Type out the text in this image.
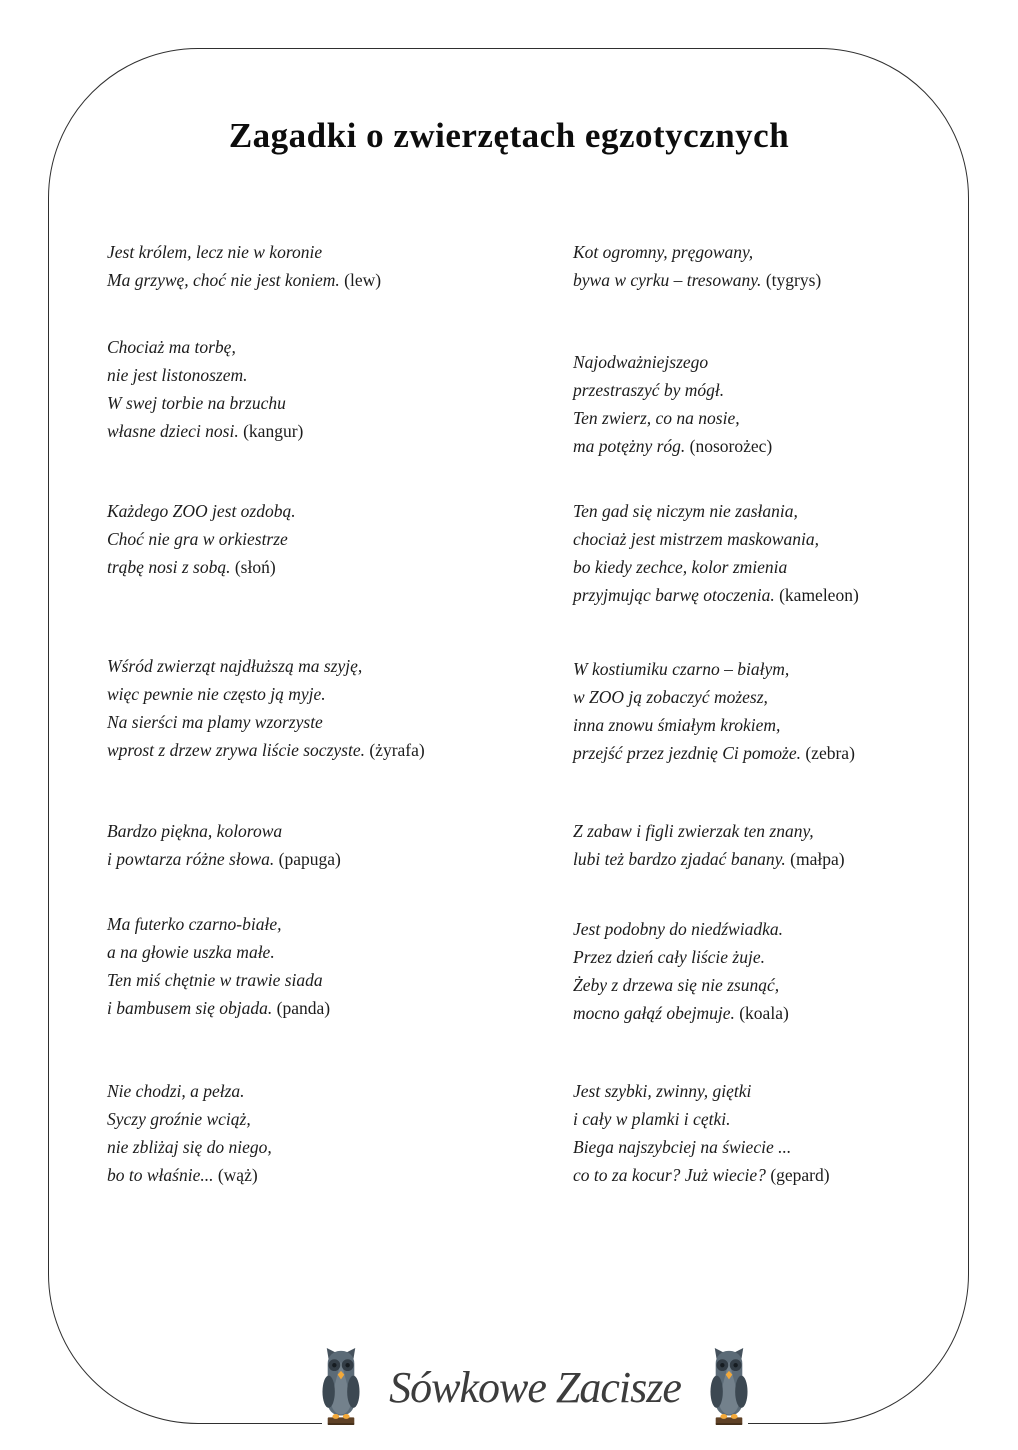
Zagadki o zwierzętach egzotycznych
Jest królem, lecz nie w koronie
Ma grzywę, choć nie jest koniem. (lew)
Chociaż ma torbę,
nie jest listonoszem.
W swej torbie na brzuchu
własne dzieci nosi. (kangur)
Każdego ZOO jest ozdobą.
Choć nie gra w orkiestrze
trąbę nosi z sobą. (słoń)
Wśród zwierząt najdłuższą ma szyję,
więc pewnie nie często ją myje.
Na sierści ma plamy wzorzyste
wprost z drzew zrywa liście soczyste. (żyrafa)
Bardzo piękna, kolorowa
i powtarza różne słowa. (papuga)
Ma futerko czarno-białe,
a na głowie uszka małe.
Ten miś chętnie w trawie siada
i bambusem się objada. (panda)
Nie chodzi, a pełza.
Syczy groźnie wciąż,
nie zbliżaj się do niego,
bo to właśnie... (wąż)
Kot ogromny, pręgowany,
bywa w cyrku – tresowany. (tygrys)
Najodważniejszego
przestraszyć by mógł.
Ten zwierz, co na nosie,
ma potężny róg. (nosorożec)
Ten gad się niczym nie zasłania,
chociaż jest mistrzem maskowania,
bo kiedy zechce, kolor zmienia
przyjmując barwę otoczenia. (kameleon)
W kostiumiku czarno – białym,
w ZOO ją zobaczyć możesz,
inna znowu śmiałym krokiem,
przejść przez jezdnię Ci pomoże. (zebra)
Z zabaw i figli zwierzak ten znany,
lubi też bardzo zjadać banany. (małpa)
Jest podobny do niedźwiadka.
Przez dzień cały liście żuje.
Żeby z drzewa się nie zsunąć,
mocno gałąź obejmuje. (koala)
Jest szybki, zwinny, giętki
i cały w plamki i cętki.
Biega najszybciej na świecie ...
co to za kocur? Już wiecie? (gepard)
Sówkowe Zacisze
